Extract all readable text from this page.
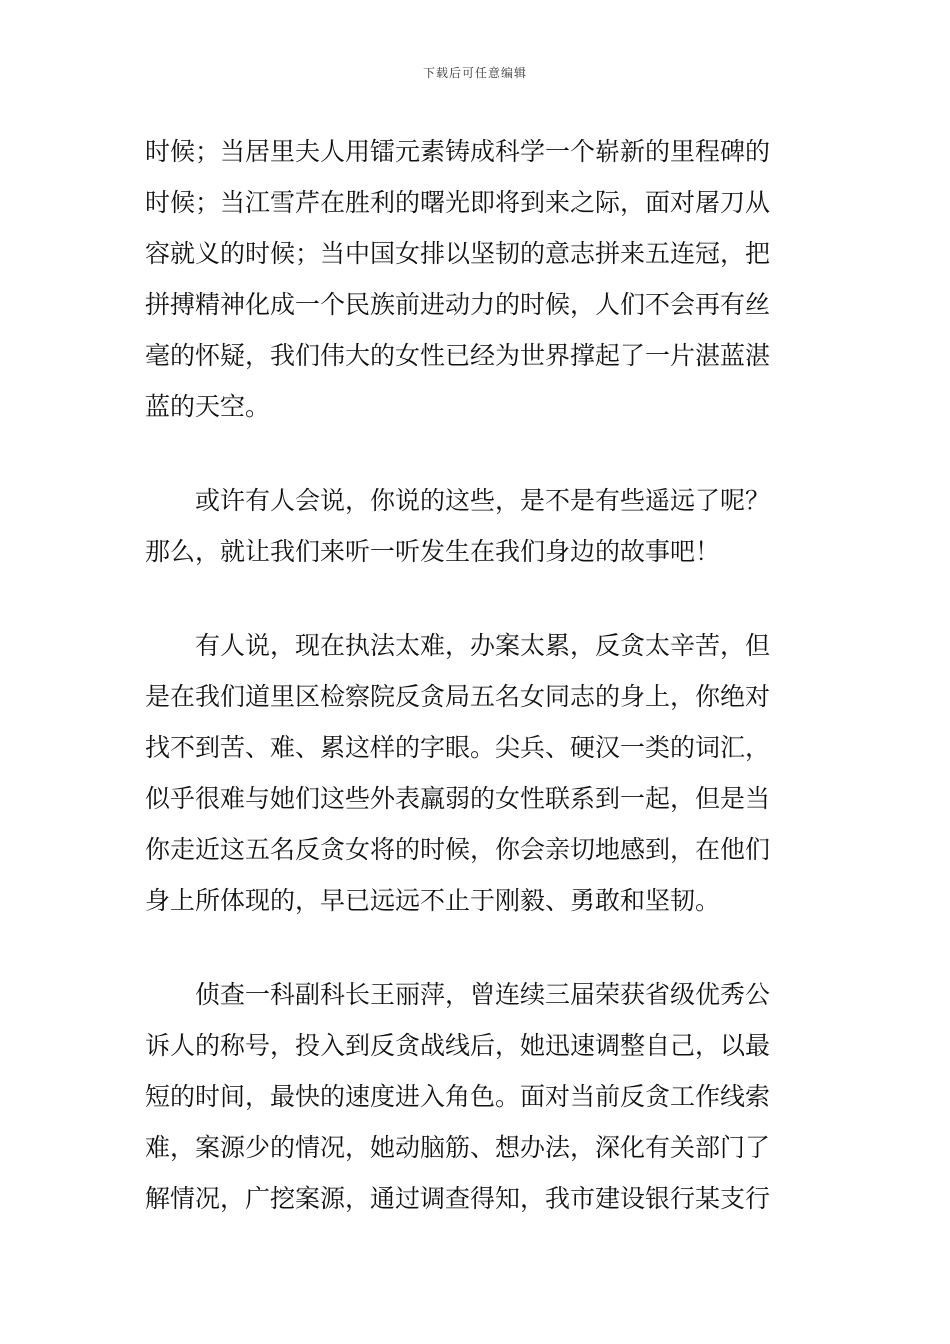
下载后可任意编辑
时候；当居里夫人用镭元素铸成科学一个崭新的里程碑的
时候；当江雪芹在胜利的曙光即将到来之际，面对屠刀从
容就义的时候；当中国女排以坚韧的意志拼来五连冠，把
拼搏精神化成一个民族前进动力的时候，人们不会再有丝
毫的怀疑，我们伟大的女性已经为世界撑起了一片湛蓝湛
蓝的天空。
　　或许有人会说，你说的这些，是不是有些遥远了呢？
那么，就让我们来听一听发生在我们身边的故事吧！
　　有人说，现在执法太难，办案太累，反贪太辛苦，但
是在我们道里区检察院反贪局五名女同志的身上，你绝对
找不到苦、难、累这样的字眼。尖兵、硬汉一类的词汇，
似乎很难与她们这些外表羸弱的女性联系到一起，但是当
你走近这五名反贪女将的时候，你会亲切地感到，在他们
身上所体现的，早已远远不止于刚毅、勇敢和坚韧。
　　侦查一科副科长王丽萍，曾连续三届荣获省级优秀公
诉人的称号，投入到反贪战线后，她迅速调整自己，以最
短的时间，最快的速度进入角色。面对当前反贪工作线索
难，案源少的情况，她动脑筋、想办法，深化有关部门了
解情况，广挖案源，通过调查得知，我市建设银行某支行
